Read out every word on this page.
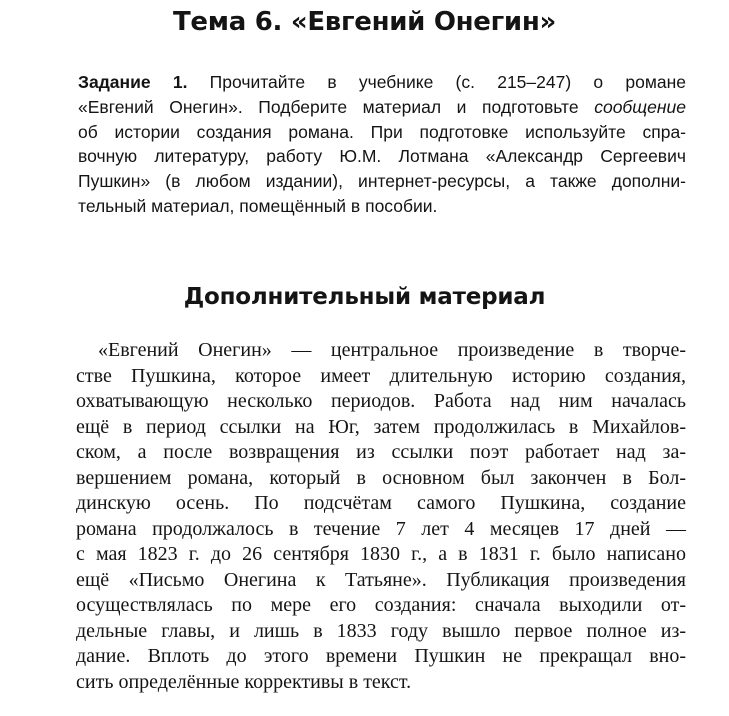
Тема 6. «Евгений Онегин»
Задание 1. Прочитайте в учебнике (с. 215–247) о романе
«Евгений Онегин». Подберите материал и подготовьте сообщение
об истории создания романа. При подготовке используйте спра-
вочную литературу, работу Ю.М. Лотмана «Александр Сергеевич
Пушкин» (в любом издании), интернет-ресурсы, а также дополни-
тельный материал, помещённый в пособии.
Дополнительный материал
«Евгений Онегин» — центральное произведение в творче-
стве Пушкина, которое имеет длительную историю создания,
охватывающую несколько периодов. Работа над ним началась
ещё в период ссылки на Юг, затем продолжилась в Михайлов-
ском, а после возвращения из ссылки поэт работает над за-
вершением романа, который в основном был закончен в Бол-
динскую осень. По подсчётам самого Пушкина, создание
романа продолжалось в течение 7 лет 4 месяцев 17 дней —
с мая 1823 г. до 26 сентября 1830 г., а в 1831 г. было написано
ещё «Письмо Онегина к Татьяне». Публикация произведения
осуществлялась по мере его создания: сначала выходили от-
дельные главы, и лишь в 1833 году вышло первое полное из-
дание. Вплоть до этого времени Пушкин не прекращал вно-
сить определённые коррективы в текст.
